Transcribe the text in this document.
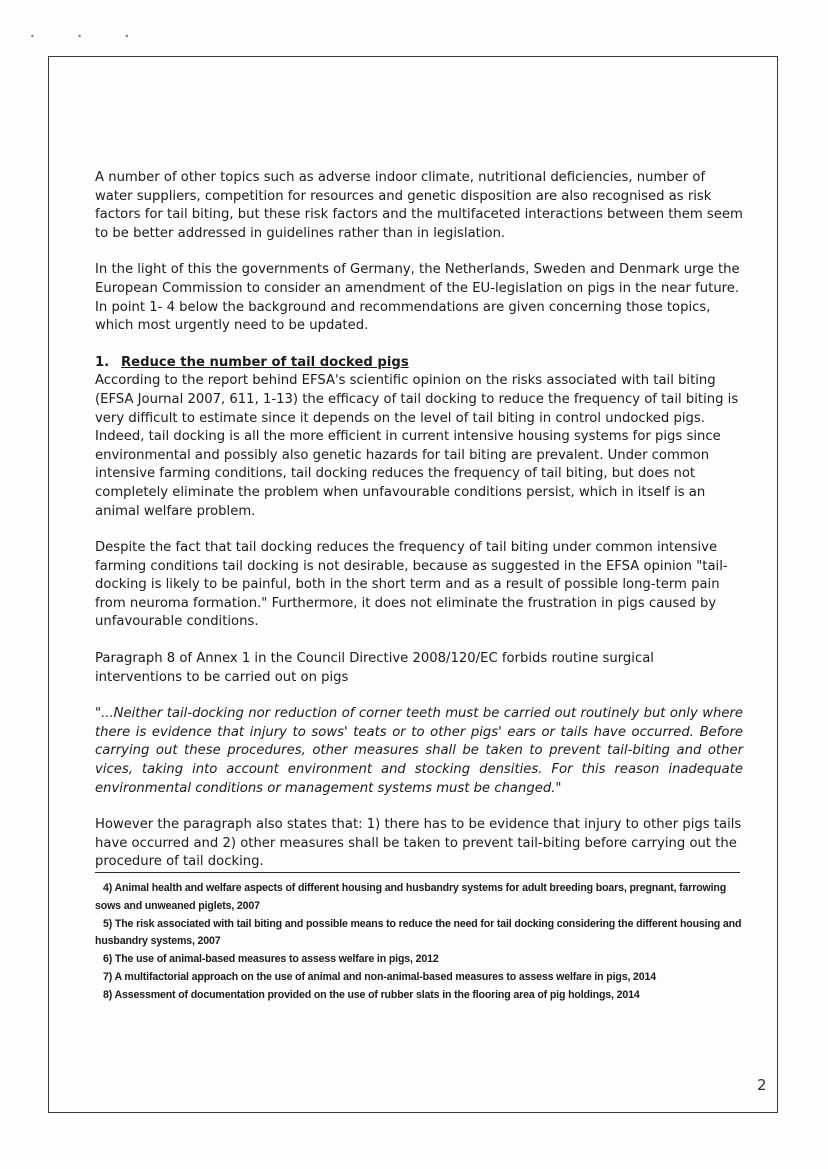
• • •

A number of other topics such as adverse indoor climate, nutritional deficiencies, number of water suppliers, competition for resources and genetic disposition are also recognised as risk factors for tail biting, but these risk factors and the multifaceted interactions between them seem to be better addressed in guidelines rather than in legislation.

In the light of this the governments of Germany, the Netherlands, Sweden and Denmark urge the European Commission to consider an amendment of the EU-legislation on pigs in the near future. In point 1- 4 below the background and recommendations are given concerning those topics, which most urgently need to be updated.

1. Reduce the number of tail docked pigs

According to the report behind EFSA's scientific opinion on the risks associated with tail biting (EFSA Journal 2007, 611, 1-13) the efficacy of tail docking to reduce the frequency of tail biting is very difficult to estimate since it depends on the level of tail biting in control undocked pigs. Indeed, tail docking is all the more efficient in current intensive housing systems for pigs since environmental and possibly also genetic hazards for tail biting are prevalent. Under common intensive farming conditions, tail docking reduces the frequency of tail biting, but does not completely eliminate the problem when unfavourable conditions persist, which in itself is an animal welfare problem.

Despite the fact that tail docking reduces the frequency of tail biting under common intensive farming conditions tail docking is not desirable, because as suggested in the EFSA opinion "tail-docking is likely to be painful, both in the short term and as a result of possible long-term pain from neuroma formation." Furthermore, it does not eliminate the frustration in pigs caused by unfavourable conditions.

Paragraph 8 of Annex 1 in the Council Directive 2008/120/EC forbids routine surgical interventions to be carried out on pigs

"...Neither tail-docking nor reduction of corner teeth must be carried out routinely but only where there is evidence that injury to sows' teats or to other pigs' ears or tails have occurred. Before carrying out these procedures, other measures shall be taken to prevent tail-biting and other vices, taking into account environment and stocking densities. For this reason inadequate environmental conditions or management systems must be changed."

However the paragraph also states that: 1) there has to be evidence that injury to other pigs tails have occurred and 2) other measures shall be taken to prevent tail-biting before carrying out the procedure of tail docking.

4) Animal health and welfare aspects of different housing and husbandry systems for adult breeding boars, pregnant, farrowing sows and unweaned piglets, 2007
5) The risk associated with tail biting and possible means to reduce the need for tail docking considering the different housing and husbandry systems, 2007
6) The use of animal-based measures to assess welfare in pigs, 2012
7) A multifactorial approach on the use of animal and non-animal-based measures to assess welfare in pigs, 2014
8) Assessment of documentation provided on the use of rubber slats in the flooring area of pig holdings, 2014
2
